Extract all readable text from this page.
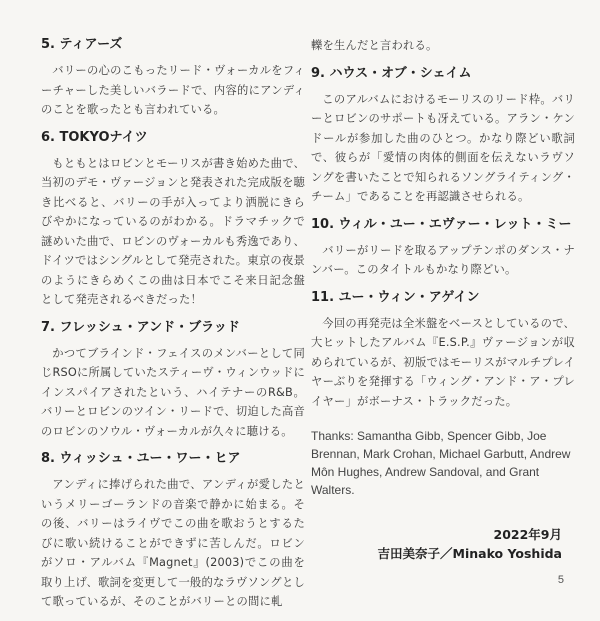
5. ティアーズ

バリーの心のこもったリード・ヴォーカルをフィーチャーした美しいバラードで、内容的にアンディのことを歌ったとも言われている。

6. TOKYOナイツ

もともとはロビンとモーリスが書き始めた曲で、当初のデモ・ヴァージョンと発表された完成版を聴き比べると、バリーの手が入ってより洒脱にきらびやかになっているのがわかる。ドラマチックで謎めいた曲で、ロビンのヴォーカルも秀逸であり、ドイツではシングルとして発売された。東京の夜景のようにきらめくこの曲は日本でこそ来日記念盤として発売されるべきだった！

7. フレッシュ・アンド・ブラッド

かつてブラインド・フェイスのメンバーとして同じRSOに所属していたスティーヴ・ウィンウッドにインスパイアされたという、ハイテナーのR&B。バリーとロビンのツイン・リードで、切迫した高音のロビンのソウル・ヴォーカルが久々に聴ける。

8. ウィッシュ・ユー・ワー・ヒア

アンディに捧げられた曲で、アンディが愛したというメリーゴーランドの音楽で静かに始まる。その後、バリーはライヴでこの曲を歌おうとするたびに歌い続けることができずに苦しんだ。ロビンがソロ・アルバム『Magnet』(2003)でこの曲を取り上げ、歌詞を変更して一般的なラヴソングとして歌っているが、そのことがバリーとの間に軋

轢を生んだと言われる。

9. ハウス・オブ・シェイム

このアルバムにおけるモーリスのリード枠。バリーとロビンのサポートも冴えている。アラン・ケンドールが参加した曲のひとつ。かなり際どい歌詞で、彼らが「愛情の肉体的側面を伝えないラヴソングを書いたことで知られるソングライティング・チーム」であることを再認識させられる。

10. ウィル・ユー・エヴァー・レット・ミー

バリーがリードを取るアップテンポのダンス・ナンバー。このタイトルもかなり際どい。

11. ユー・ウィン・アゲイン

今回の再発売は全米盤をベースとしているので、大ヒットしたアルバム『E.S.P.』ヴァージョンが収められているが、初版ではモーリスがマルチプレイヤーぶりを発揮する「ウィング・アンド・ア・プレイヤー」がボーナス・トラックだった。

Thanks: Samantha Gibb, Spencer Gibb, Joe Brennan, Mark Crohan, Michael Garbutt, Andrew Môn Hughes, Andrew Sandoval, and Grant Walters.

2022年9月
吉田美奈子／Minako Yoshida
5
